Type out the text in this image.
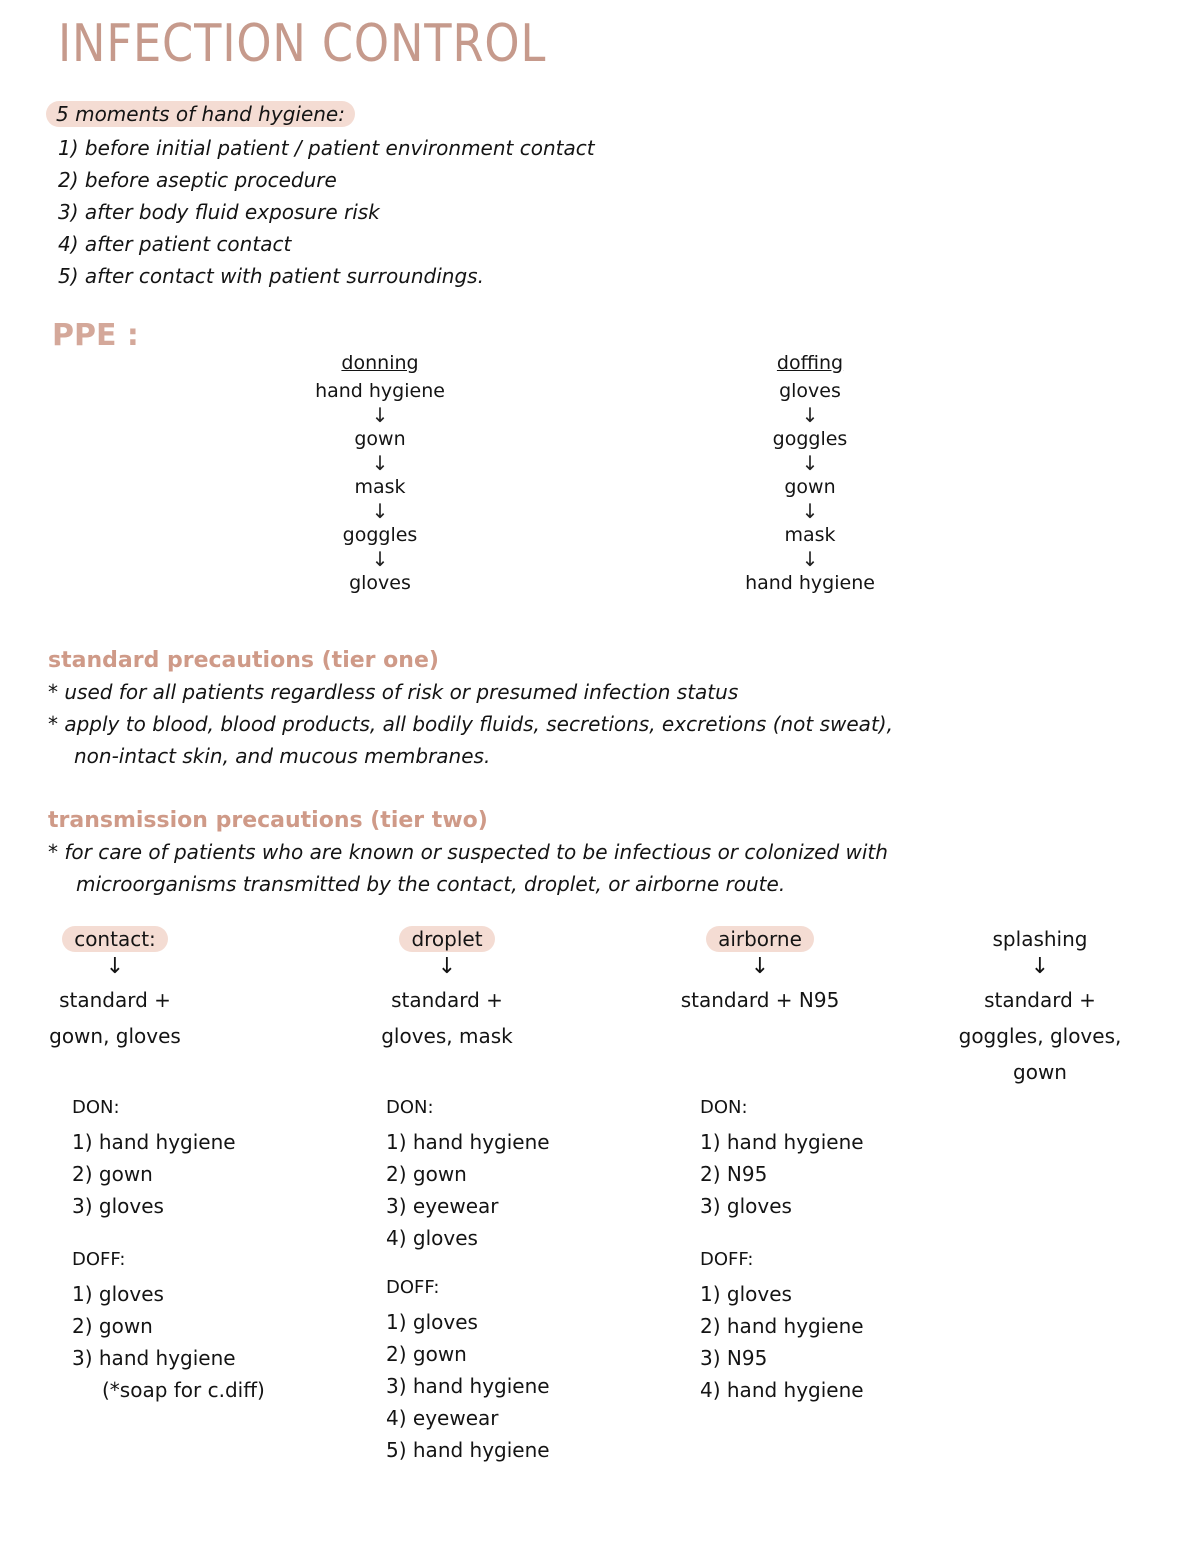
INFECTION CONTROL
5 moments of hand hygiene:
1) before initial patient / patient environment contact
2) before aseptic procedure
3) after body fluid exposure risk
4) after patient contact
5) after contact with patient surroundings.
PPE :
donning
hand hygiene
↓
gown
↓
mask
↓
goggles
↓
gloves
doffing
gloves
↓
goggles
↓
gown
↓
mask
↓
hand hygiene
standard precautions (tier one)
* used for all patients regardless of risk or presumed infection status
* apply to blood, blood products, all bodily fluids, secretions, excretions (not sweat),
non-intact skin, and mucous membranes.
transmission precautions (tier two)
* for care of patients who are known or suspected to be infectious or colonized with
microorganisms transmitted by the contact, droplet, or airborne route.
contact:
↓
standard +
gown, gloves
droplet
↓
standard +
gloves, mask
airborne
↓
standard + N95
splashing
↓
standard +
goggles, gloves,
gown
DON:
1) hand hygiene
2) gown
3) gloves
DOFF:
1) gloves
2) gown
3) hand hygiene
(*soap for c.diff)
DON:
1) hand hygiene
2) gown
3) eyewear
4) gloves
DOFF:
1) gloves
2) gown
3) hand hygiene
4) eyewear
5) hand hygiene
DON:
1) hand hygiene
2) N95
3) gloves
DOFF:
1) gloves
2) hand hygiene
3) N95
4) hand hygiene
